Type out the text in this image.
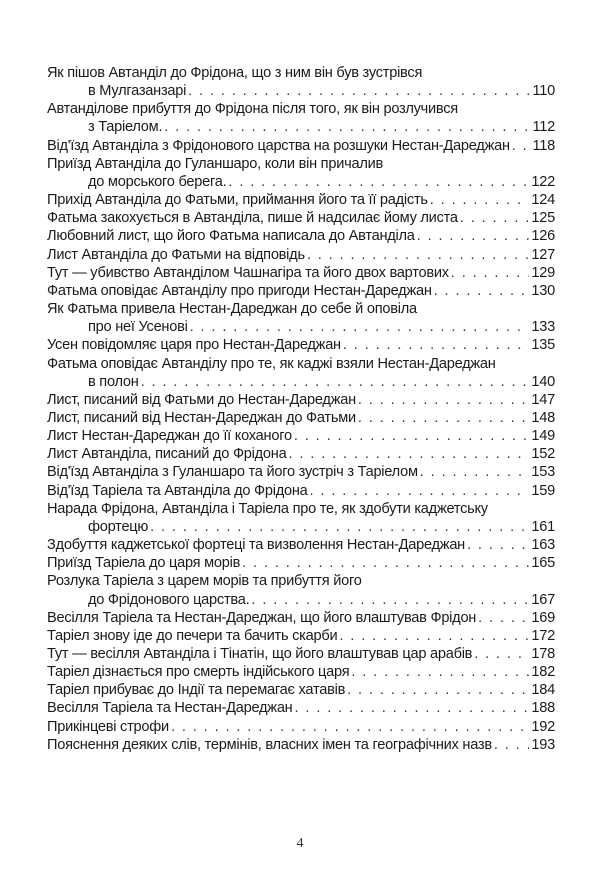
Як пішов Автанділ до Фрідона, що з ним він був зустрівся
в Мулгазанзарі . . .	110
Автанділове прибуття до Фрідона після того, як він розлучився
з Таріелом. . . .	112
Від'їзд Автанділа з Фрідонового царства на розшуки Нестан-Дареджан . . . 118
Приїзд Автанділа до Гуланшаро, коли він причалив
до морського берега. . . .	122
Прихід Автанділа до Фатьми, приймання його та її радість . . .	124
Фатьма закохується в Автанділа, пише й надсилає йому листа . . .	125
Любовний лист, що його Фатьма написала до Автанділа . . .	126
Лист Автанділа до Фатьми на відповідь . . .	127
Тут — убивство Автанділом Чашнагіра та його двох вартових . . .	129
Фатьма оповідає Автанділу про пригоди Нестан-Дареджан . . .	130
Як Фатьма привела Нестан-Дареджан до себе й оповіла
про неї Усенові . . .	133
Усен повідомляє царя про Нестан-Дареджан . . .	135
Фатьма оповідає Автанділу про те, як каджі взяли Нестан-Дареджан
в полон . . .	140
Лист, писаний від Фатьми до Нестан-Дареджан . . .	147
Лист, писаний від Нестан-Дареджан до Фатьми . . .	148
Лист Нестан-Дареджан до її коханого . . .	149
Лист Автанділа, писаний до Фрідона . . .	152
Від'їзд Автанділа з Гуланшаро та його зустріч з Таріелом . . .	153
Від'їзд Таріела та Автанділа до Фрідона . . .	159
Нарада Фрідона, Автанділа і Таріела про те, як здобути каджетську
фортецю . . .	161
Здобуття каджетської фортеці та визволення Нестан-Дареджан . . .	163
Приїзд Таріела до царя морів . . .	165
Розлука Таріела з царем морів та прибуття його
до Фрідонового царства. . . .	167
Весілля Таріела та Нестан-Дареджан, що його влаштував Фрідон . . .	169
Таріел знову іде до печери та бачить скарби . . .	172
Тут — весілля Автанділа і Тінатін, що його влаштував цар арабів . . .	178
Таріел дізнається про смерть індійського царя . . .	182
Таріел прибуває до Індії та перемагає хатавів . . .	184
Весілля Таріела та Нестан-Дареджан . . .	188
Прикінцеві строфи . . .	192
Пояснення деяких слів, термінів, власних імен та географічних назв . . .	193
4
